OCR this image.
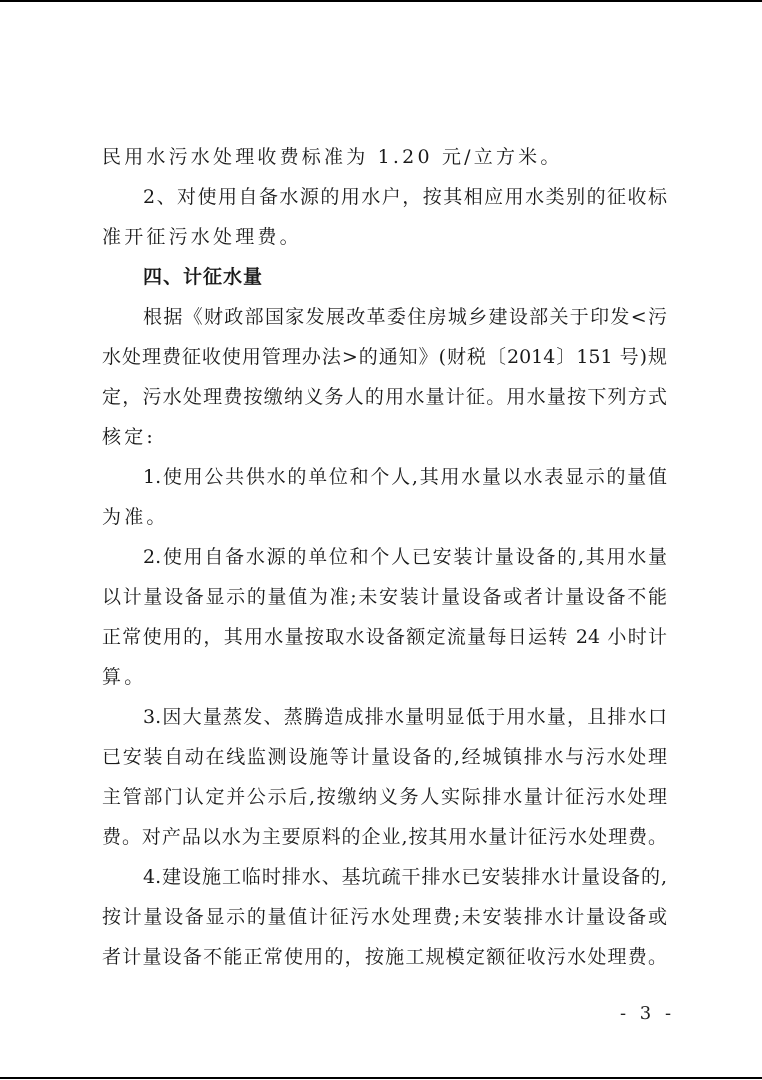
民用水污水处理收费标准为 1.20 元/立方米。
2、对使用自备水源的用水户，按其相应用水类别的征收标
准开征污水处理费。
四、计征水量
根据《财政部国家发展改革委住房城乡建设部关于印发<污
水处理费征收使用管理办法>的通知》(财税〔2014〕151 号)规
定，污水处理费按缴纳义务人的用水量计征。用水量按下列方式
核定:
1.使用公共供水的单位和个人,其用水量以水表显示的量值
为准。
2.使用自备水源的单位和个人已安装计量设备的,其用水量
以计量设备显示的量值为准;未安装计量设备或者计量设备不能
正常使用的，其用水量按取水设备额定流量每日运转 24 小时计
算。
3.因大量蒸发、蒸腾造成排水量明显低于用水量，且排水口
已安装自动在线监测设施等计量设备的,经城镇排水与污水处理
主管部门认定并公示后,按缴纳义务人实际排水量计征污水处理
费。对产品以水为主要原料的企业,按其用水量计征污水处理费。
4.建设施工临时排水、基坑疏干排水已安装排水计量设备的,
按计量设备显示的量值计征污水处理费;未安装排水计量设备或
者计量设备不能正常使用的，按施工规模定额征收污水处理费。
- 3 -
